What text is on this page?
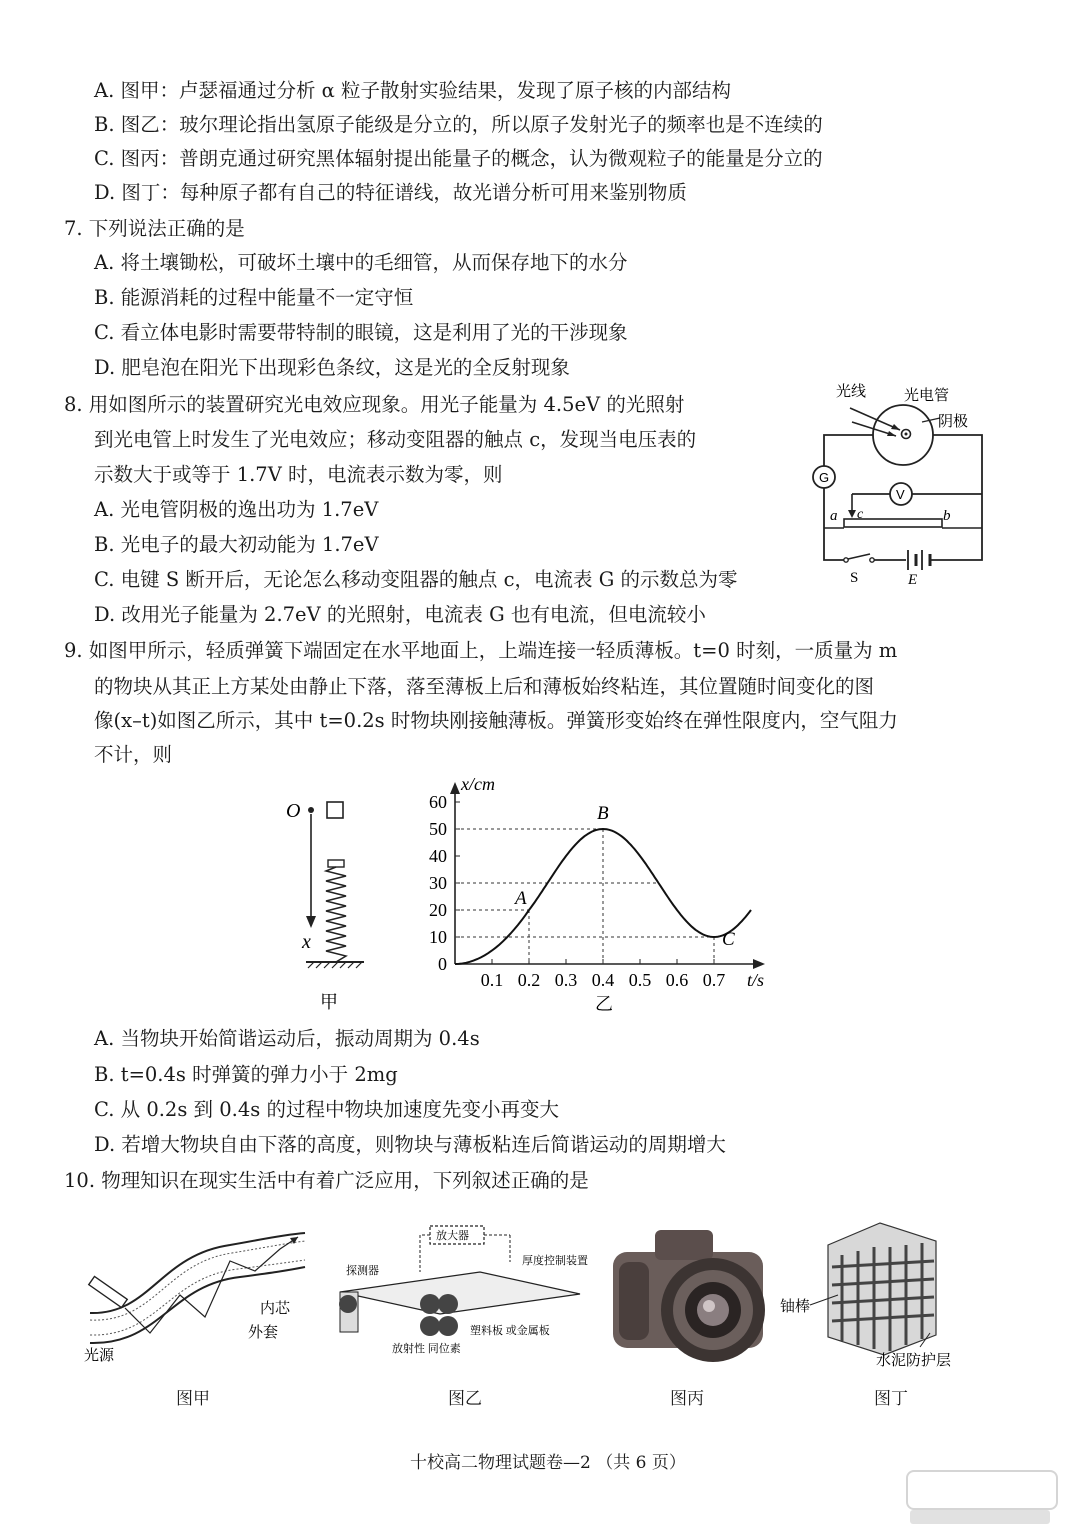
A. 图甲：卢瑟福通过分析 α 粒子散射实验结果，发现了原子核的内部结构
B. 图乙：玻尔理论指出氢原子能级是分立的，所以原子发射光子的频率也是不连续的
C. 图丙：普朗克通过研究黑体辐射提出能量子的概念，认为微观粒子的能量是分立的
D. 图丁：每种原子都有自己的特征谱线，故光谱分析可用来鉴别物质
7. 下列说法正确的是
A. 将土壤锄松，可破坏土壤中的毛细管，从而保存地下的水分
B. 能源消耗的过程中能量不一定守恒
C. 看立体电影时需要带特制的眼镜，这是利用了光的干涉现象
D. 肥皂泡在阳光下出现彩色条纹，这是光的全反射现象
8. 用如图所示的装置研究光电效应现象。用光子能量为 4.5eV 的光照射
到光电管上时发生了光电效应；移动变阻器的触点 c，发现当电压表的
示数大于或等于 1.7V 时，电流表示数为零，则
A. 光电管阴极的逸出功为 1.7eV
B. 光电子的最大初动能为 1.7eV
C. 电键 S 断开后，无论怎么移动变阻器的触点 c，电流表 G 的示数总为零
D. 改用光子能量为 2.7eV 的光照射，电流表 G 也有电流，但电流较小
光线	光电管
阴极
G
V
a c	b
S	E
9. 如图甲所示，轻质弹簧下端固定在水平地面上，上端连接一轻质薄板。t=0 时刻，一质量为 m
的物块从其正上方某处由静止下落，落至薄板上后和薄板始终粘连，其位置随时间变化的图
像(x–t)如图乙所示，其中 t=0.2s 时物块刚接触薄板。弹簧形变始终在弹性限度内，空气阻力
不计，则
O
x
甲
0
10
20
30
40
50
60
0.1 0.2 0.3 0.4 0.5 0.6 0.7 t/s
x/cm
A
B
C
乙
A. 当物块开始简谐运动后，振动周期为 0.4s
B. t=0.4s 时弹簧的弹力小于 2mg
C. 从 0.2s 到 0.4s 的过程中物块加速度先变小再变大
D. 若增大物块自由下落的高度，则物块与薄板粘连后简谐运动的周期增大
10. 物理知识在现实生活中有着广泛应用，下列叙述正确的是
光源
内芯
外套
放大器
探测器
厚度控制装置
塑料板 或金属板
放射性 同位素
铀棒
水泥防护层
图甲	图乙	图丙	图丁
十校高二物理试题卷—2 （共 6 页）
